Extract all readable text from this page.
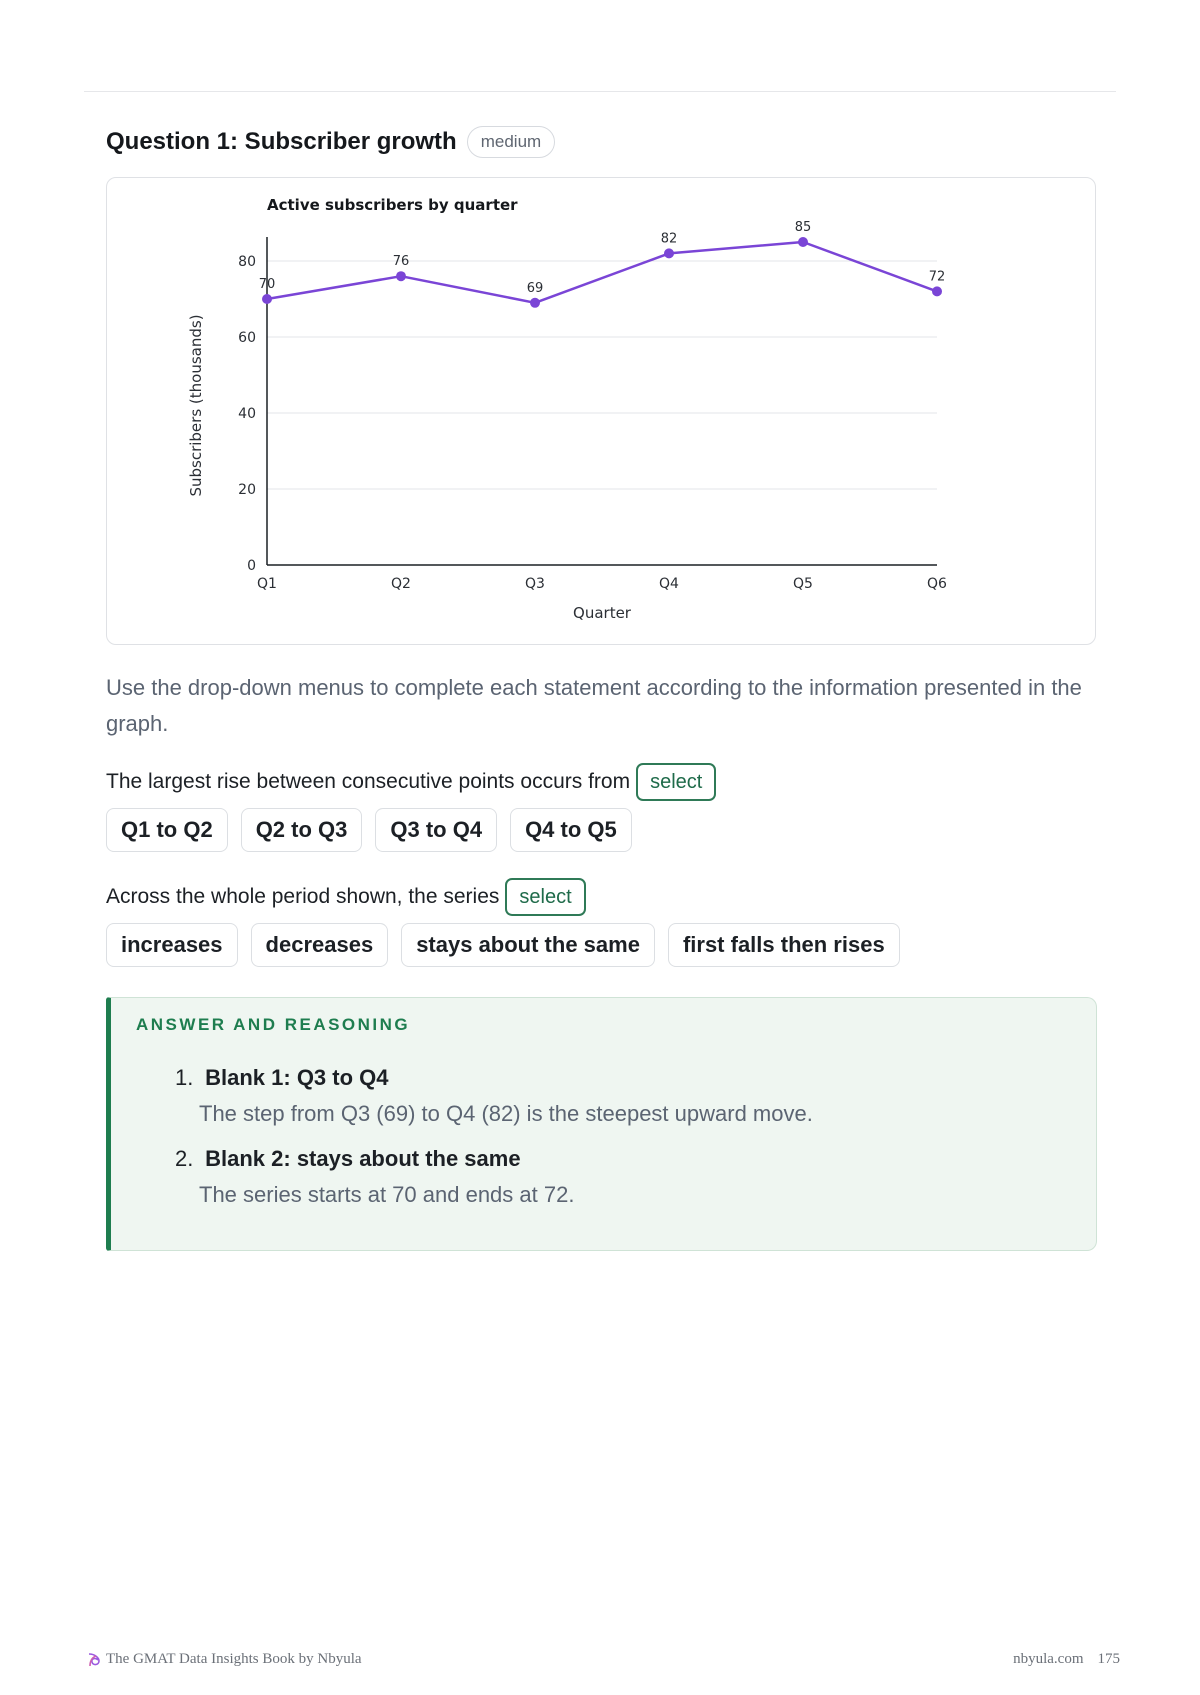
Question 1: Subscriber growth	medium
0
20
40
60
80
Q1	Q2	Q3	Q4	Q5	Q6
Active subscribers by quarter
Quarter
Subscribers (thousands)
70
76
69
82
85
72
Use the drop-down menus to complete each statement according to the information presented in the graph.
The largest rise between consecutive points occurs from	select
Q1 to Q2	Q2 to Q3	Q3 to Q4	Q4 to Q5
Across the whole period shown, the series	select
increases	decreases	stays about the same	first falls then rises
ANSWER AND REASONING
1. Blank 1: Q3 to Q4
The step from Q3 (69) to Q4 (82) is the steepest upward move.
2. Blank 2: stays about the same
The series starts at 70 and ends at 72.
The GMAT Data Insights Book by Nbyula	nbyula.com 175
